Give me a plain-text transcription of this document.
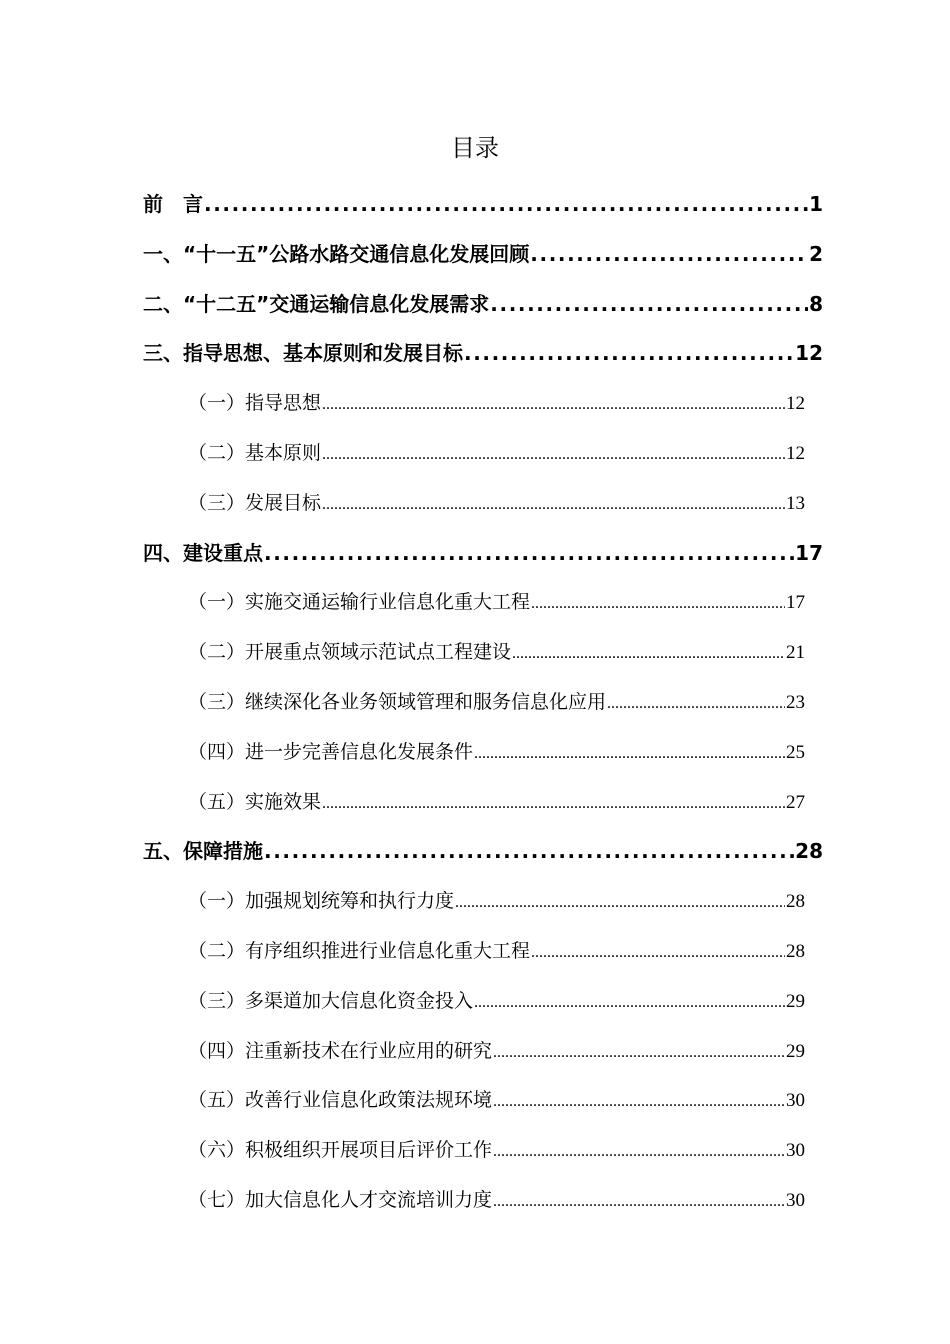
目录
前　言 .....	1
一、“十一五”公路水路交通信息化发展回顾 .....	2
二、“十二五”交通运输信息化发展需求 .....	8
三、指导思想、基本原则和发展目标 .....	12
（一）指导思想 .....	12
（二）基本原则 .....	12
（三）发展目标 .....	13
四、建设重点 .....	17
（一）实施交通运输行业信息化重大工程 .....	17
（二）开展重点领域示范试点工程建设 .....	21
（三）继续深化各业务领域管理和服务信息化应用 .....	23
（四）进一步完善信息化发展条件 .....	25
（五）实施效果 .....	27
五、保障措施 .....	28
（一）加强规划统筹和执行力度 .....	28
（二）有序组织推进行业信息化重大工程 .....	28
（三）多渠道加大信息化资金投入 .....	29
（四）注重新技术在行业应用的研究 .....	29
（五）改善行业信息化政策法规环境 .....	30
（六）积极组织开展项目后评价工作 .....	30
（七）加大信息化人才交流培训力度 .....	30
